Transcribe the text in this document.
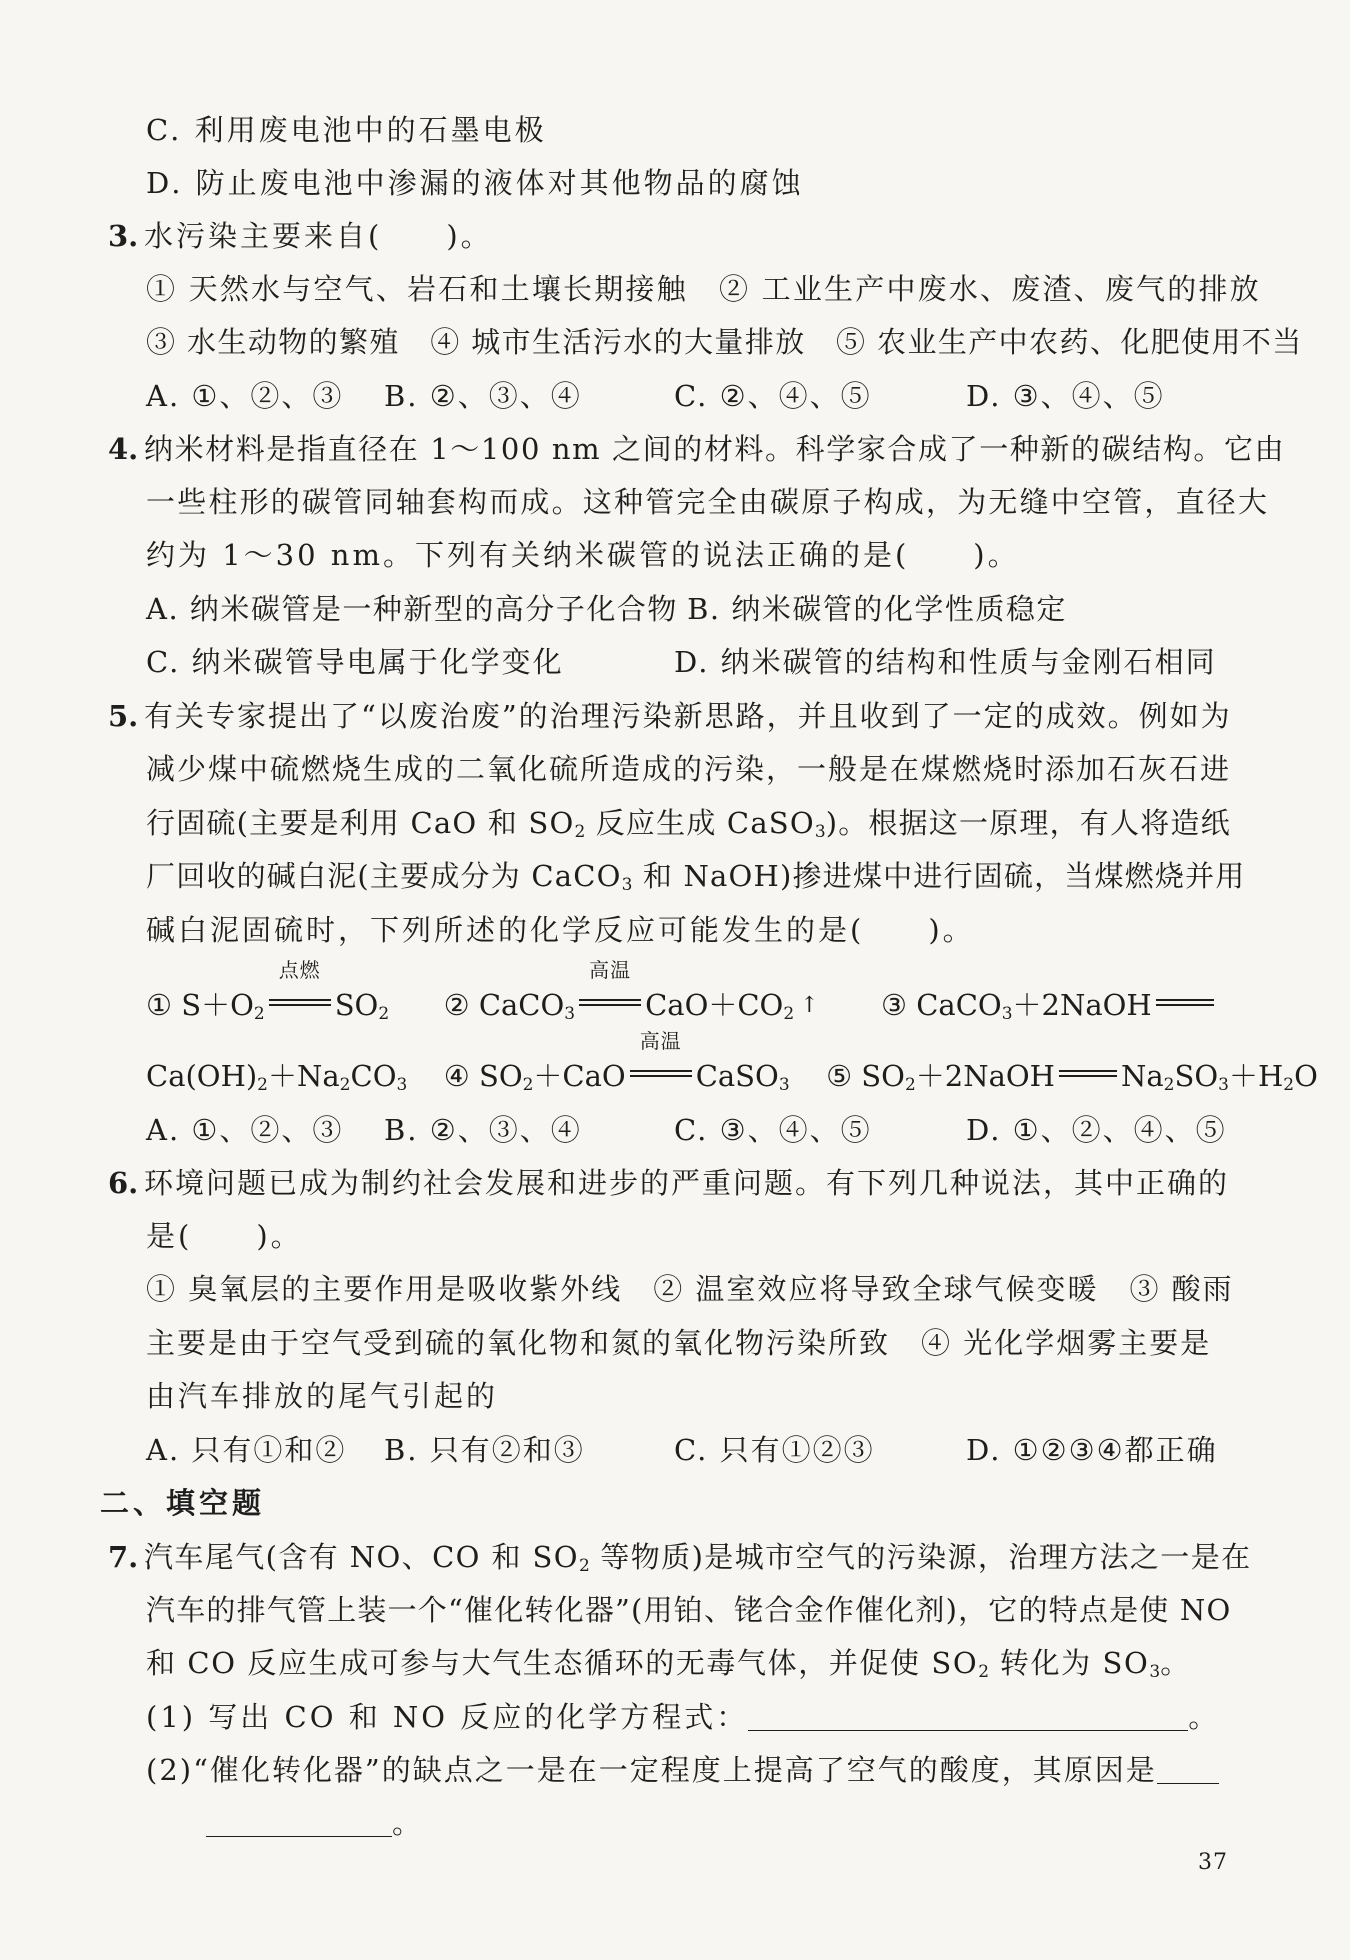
C. 利用废电池中的石墨电极
D. 防止废电池中渗漏的液体对其他物品的腐蚀
3. 水污染主要来自(　　)。
① 天然水与空气、岩石和土壤长期接触　② 工业生产中废水、废渣、废气的排放
③ 水生动物的繁殖　④ 城市生活污水的大量排放　⑤ 农业生产中农药、化肥使用不当
A. ①、②、③ B. ②、③、④	C. ②、④、⑤	D. ③、④、⑤
4. 纳米材料是指直径在 1～100 nm 之间的材料。科学家合成了一种新的碳结构。它由
一些柱形的碳管同轴套构而成。这种管完全由碳原子构成，为无缝中空管，直径大
约为 1～30 nm。下列有关纳米碳管的说法正确的是(　　)。
A. 纳米碳管是一种新型的高分子化合物 B. 纳米碳管的化学性质稳定
C. 纳米碳管导电属于化学变化	D. 纳米碳管的结构和性质与金刚石相同
5. 有关专家提出了“以废治废”的治理污染新思路，并且收到了一定的成效。例如为
减少煤中硫燃烧生成的二氧化硫所造成的污染，一般是在煤燃烧时添加石灰石进
行固硫(主要是利用 CaO 和 $SO_2$ 反应生成 CaSO$_3$)。根据这一原理，有人将造纸
厂回收的碱白泥(主要成分为 CaCO$_3$ 和 NaOH)掺进煤中进行固硫，当煤燃烧并用
碱白泥固硫时，下列所述的化学反应可能发生的是(　　)。
① $S+O_2$
点燃
$SO_2$ ② CaCO$_3$
高温
$CaO+CO_2$ ↑ ③ CaCO$_3$＋2NaOH
$Ca(OH)_2+Na_2CO_3$ ④ $SO_2+CaO$
高温
CaSO$_3$ ⑤ $SO_2+2NaOH$ $Na_2SO_3+H_2O$
A. ①、②、③ B. ②、③、④	C. ③、④、⑤	D. ①、②、④、⑤
6. 环境问题已成为制约社会发展和进步的严重问题。有下列几种说法，其中正确的
是(　　)。
① 臭氧层的主要作用是吸收紫外线　② 温室效应将导致全球气候变暖　③ 酸雨
主要是由于空气受到硫的氧化物和氮的氧化物污染所致　④ 光化学烟雾主要是
由汽车排放的尾气引起的
A. 只有①和② B. 只有②和③	C. 只有①②③	D. ①②③④都正确
二、填空题
7. 汽车尾气(含有 NO、CO 和 $SO_2$ 等物质)是城市空气的污染源，治理方法之一是在
汽车的排气管上装一个“催化转化器”(用铂、铑合金作催化剂)，它的特点是使 NO
和 CO 反应生成可参与大气生态循环的无毒气体，并促使 $SO_2$ 转化为 $SO_3$。
(1) 写出 CO 和 NO 反应的化学方程式：	。
(2)“催化转化器”的缺点之一是在一定程度上提高了空气的酸度，其原因是
。
37
